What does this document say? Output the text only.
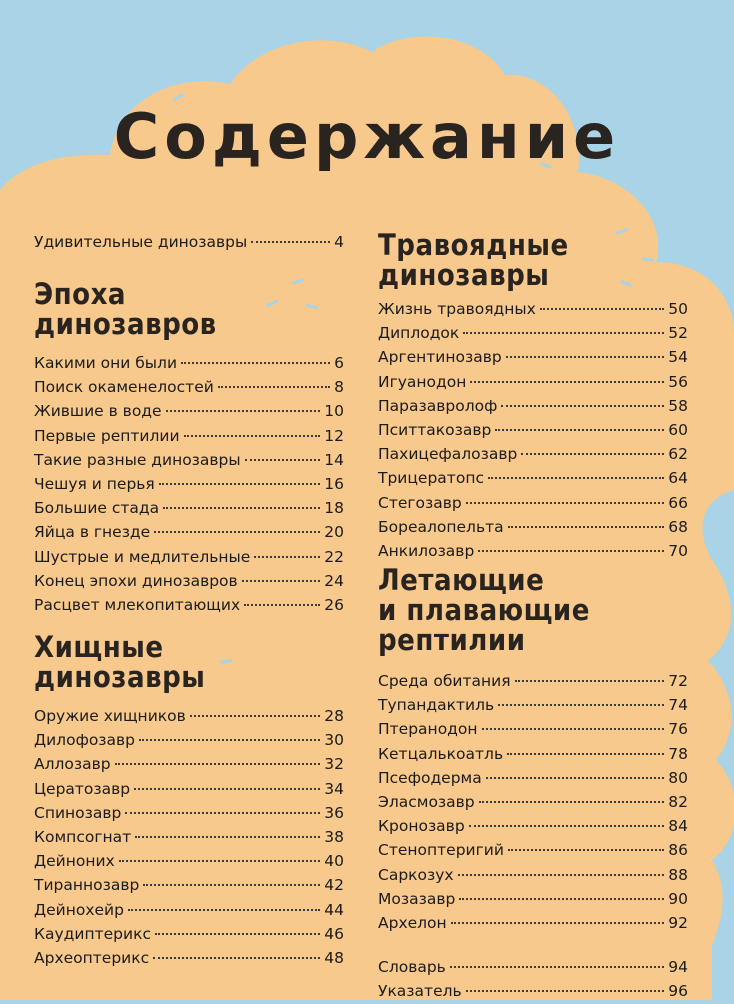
Содержание
Удивительные динозавры	4
Эпоха
динозавров
Какими они были	6
Поиск окаменелостей	8
Жившие в воде	10
Первые рептилии	12
Такие разные динозавры	14
Чешуя и перья	16
Большие стада	18
Яйца в гнезде	20
Шустрые и медлительные	22
Конец эпохи динозавров	24
Расцвет млекопитающих	26
Хищные
динозавры
Оружие хищников	28
Дилофозавр	30
Аллозавр	32
Цератозавр	34
Спинозавр	36
Компсогнат	38
Дейноних	40
Тираннозавр	42
Дейнохейр	44
Каудиптерикс	46
Археоптерикс	48
Травоядные
динозавры
Жизнь травоядных	50
Диплодок	52
Аргентинозавр	54
Игуанодон	56
Паразавролоф	58
Пситтакозавр	60
Пахицефалозавр	62
Трицератопс	64
Стегозавр	66
Бореалопельта	68
Анкилозавр	70
Летающие
и плавающие
рептилии
Среда обитания	72
Тупандактиль	74
Птеранодон	76
Кетцалькоатль	78
Псефодерма	80
Эласмозавр	82
Кронозавр	84
Стеноптеригий	86
Саркозух	88
Мозазавр	90
Архелон	92
Словарь	94
Указатель	96
